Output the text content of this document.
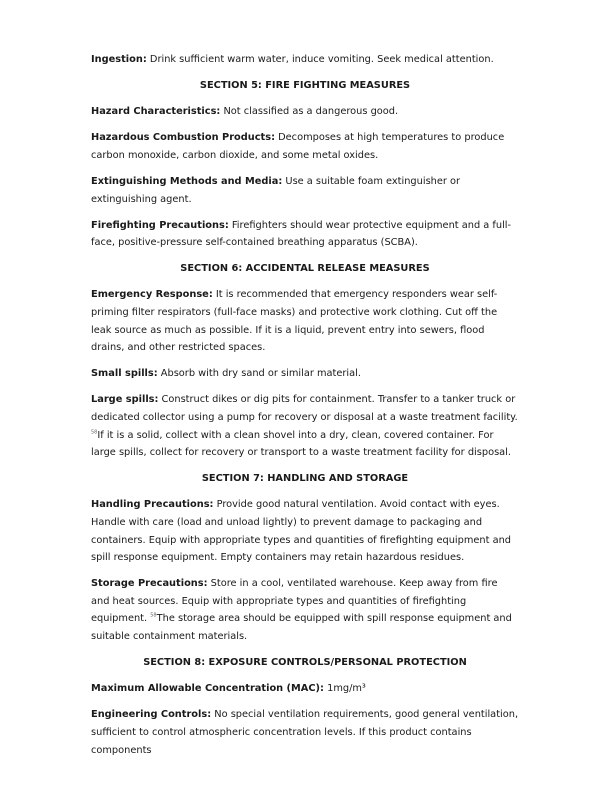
Ingestion: Drink sufficient warm water, induce vomiting. Seek medical attention.

SECTION 5: FIRE FIGHTING MEASURES

Hazard Characteristics: Not classified as a dangerous good.

Hazardous Combustion Products: Decomposes at high temperatures to produce carbon monoxide, carbon dioxide, and some metal oxides.

Extinguishing Methods and Media: Use a suitable foam extinguisher or extinguishing agent.

Firefighting Precautions: Firefighters should wear protective equipment and a full-face, positive-pressure self-contained breathing apparatus (SCBA).

SECTION 6: ACCIDENTAL RELEASE MEASURES

Emergency Response: It is recommended that emergency responders wear self-priming filter respirators (full-face masks) and protective work clothing. Cut off the leak source as much as possible. If it is a liquid, prevent entry into sewers, flood drains, and other restricted spaces.

Small spills: Absorb with dry sand or similar material.

Large spills: Construct dikes or dig pits for containment. Transfer to a tanker truck or dedicated collector using a pump for recovery or disposal at a waste treatment facility. $^{58}$If it is a solid, collect with a clean shovel into a dry, clean, covered container. For large spills, collect for recovery or transport to a waste treatment facility for disposal.

SECTION 7: HANDLING AND STORAGE

Handling Precautions: Provide good natural ventilation. Avoid contact with eyes. Handle with care (load and unload lightly) to prevent damage to packaging and containers. Equip with appropriate types and quantities of firefighting equipment and spill response equipment. Empty containers may retain hazardous residues.

Storage Precautions: Store in a cool, ventilated warehouse. Keep away from fire and heat sources. Equip with appropriate types and quantities of firefighting equipment. $^{58}$The storage area should be equipped with spill response equipment and suitable containment materials.

SECTION 8: EXPOSURE CONTROLS/PERSONAL PROTECTION

Maximum Allowable Concentration (MAC): 1mg/m³

Engineering Controls: No special ventilation requirements, good general ventilation, sufficient to control atmospheric concentration levels. If this product contains components
